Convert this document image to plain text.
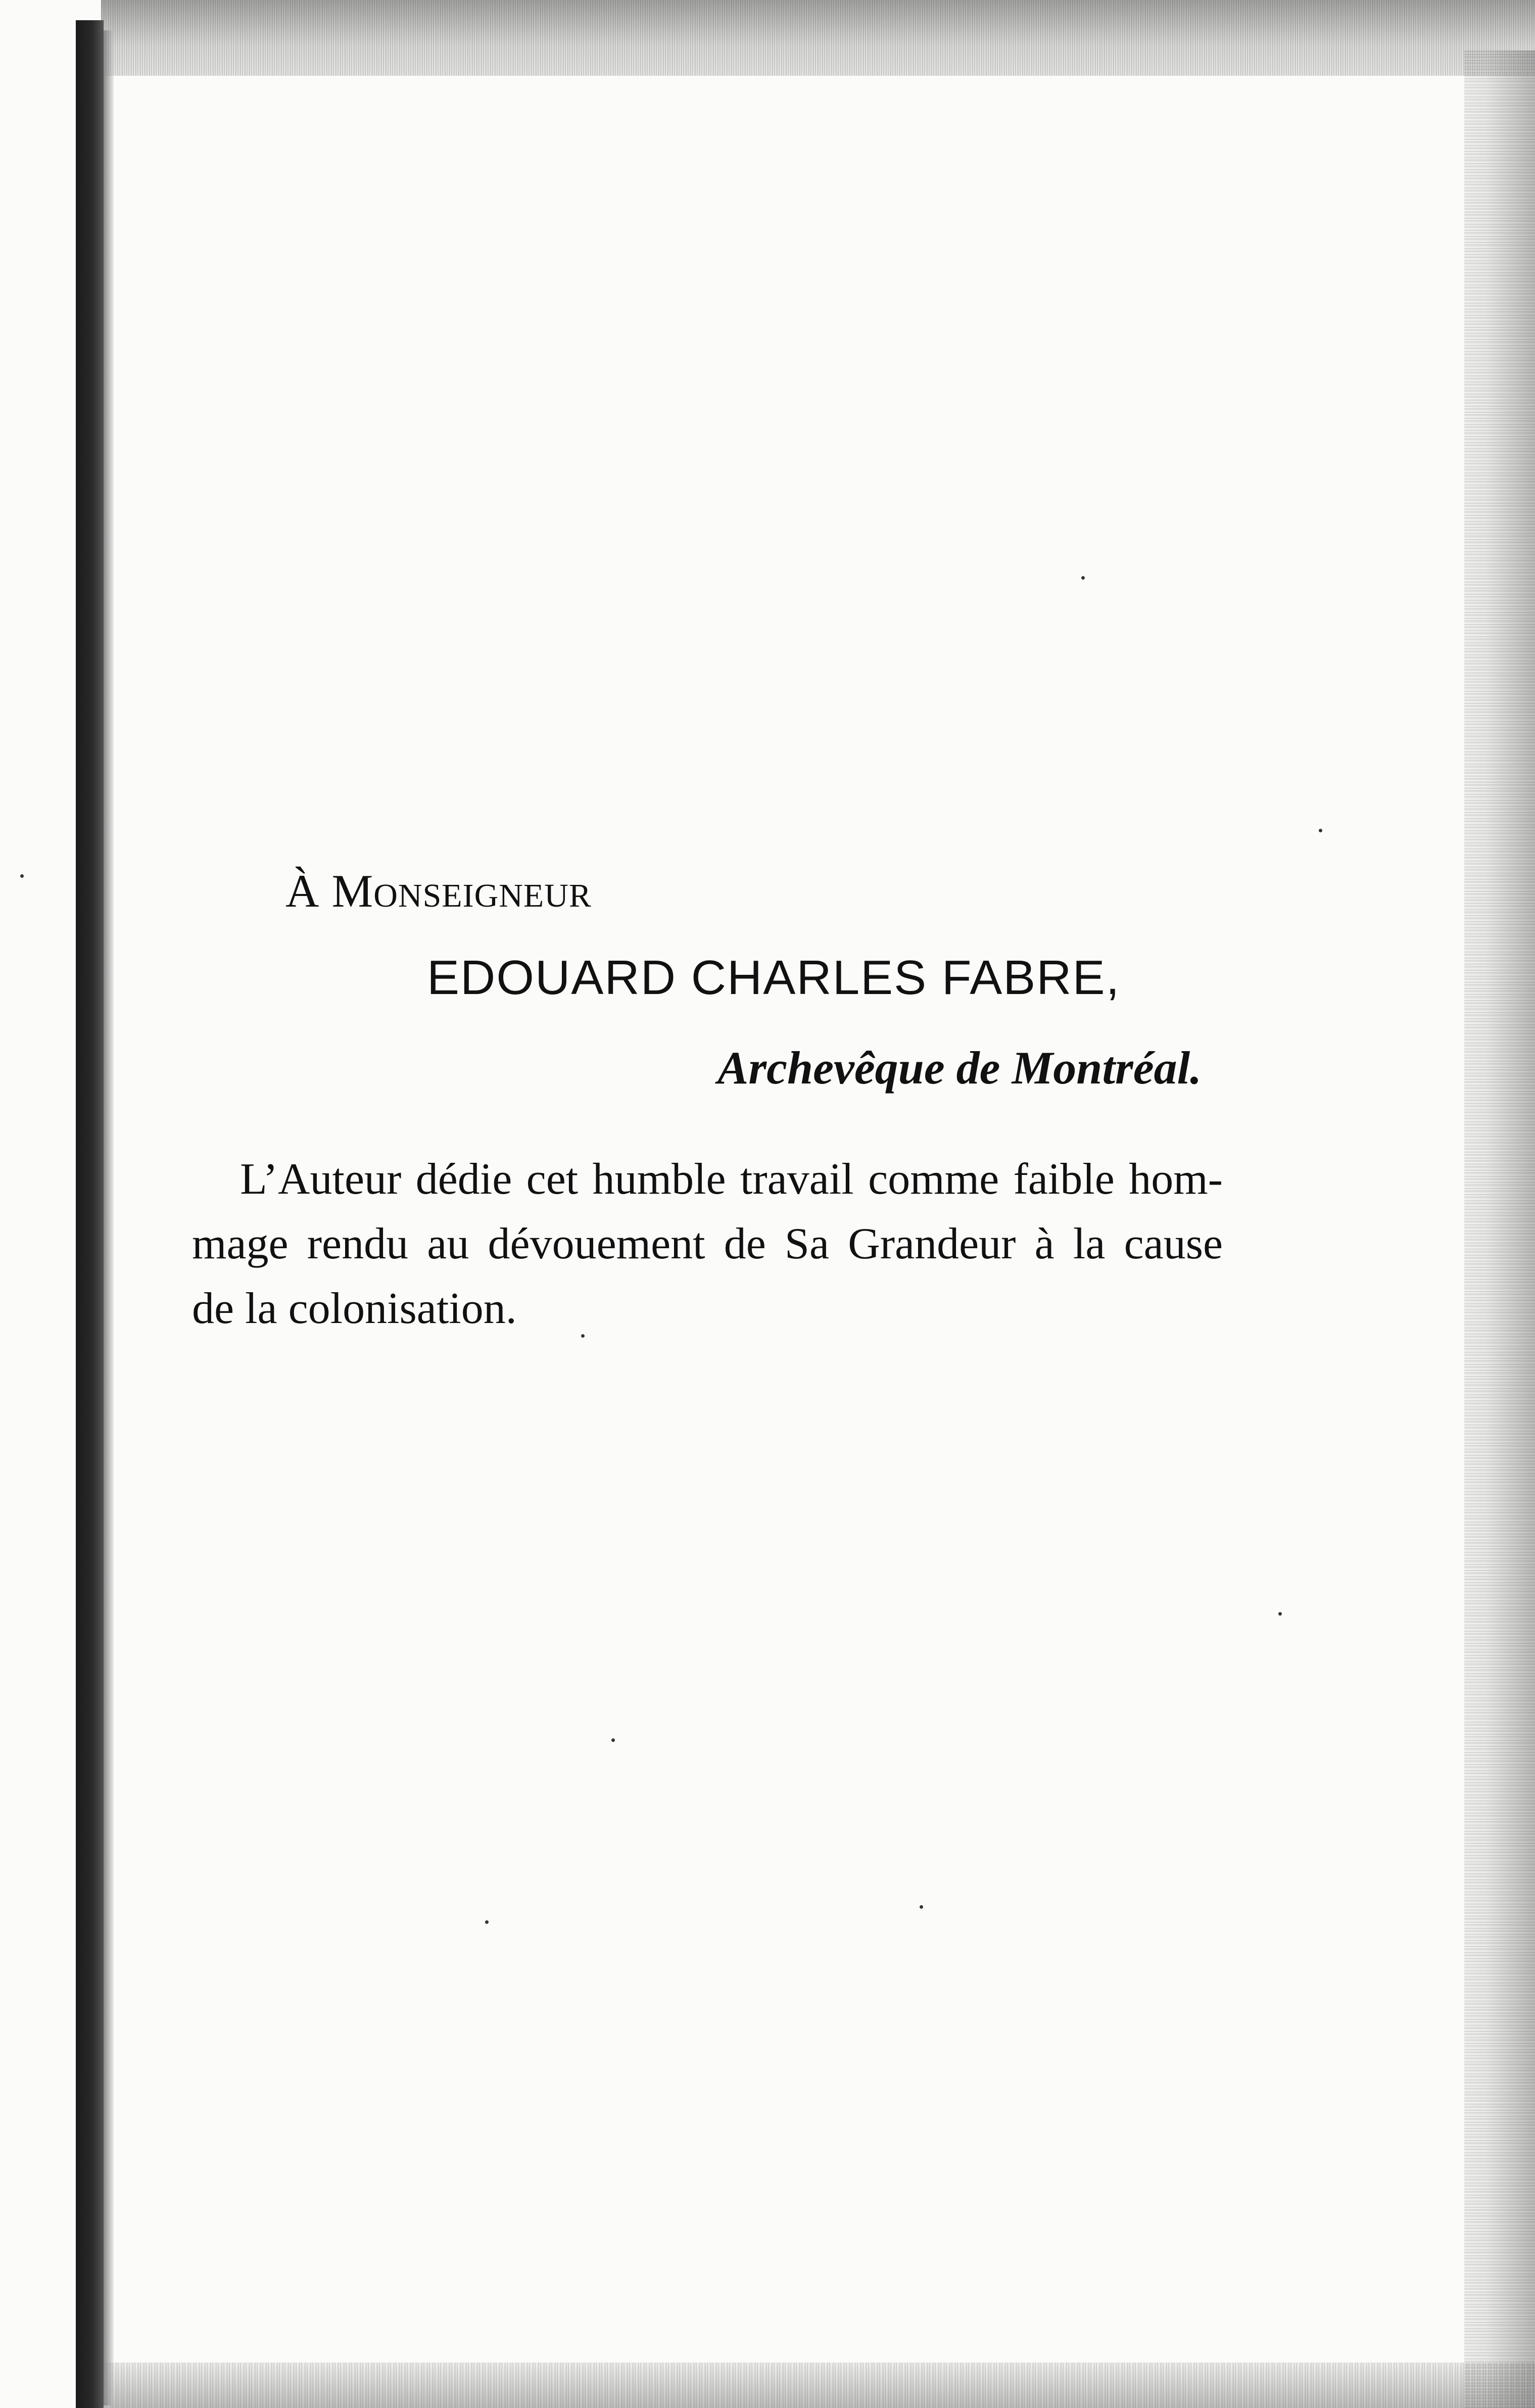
À MONSEIGNEUR
EDOUARD CHARLES FABRE,
Archevêque de Montréal.
L’Auteur dédie cet humble travail comme faible hom-
mage rendu au dévouement de Sa Grandeur à la cause
de la colonisation.
